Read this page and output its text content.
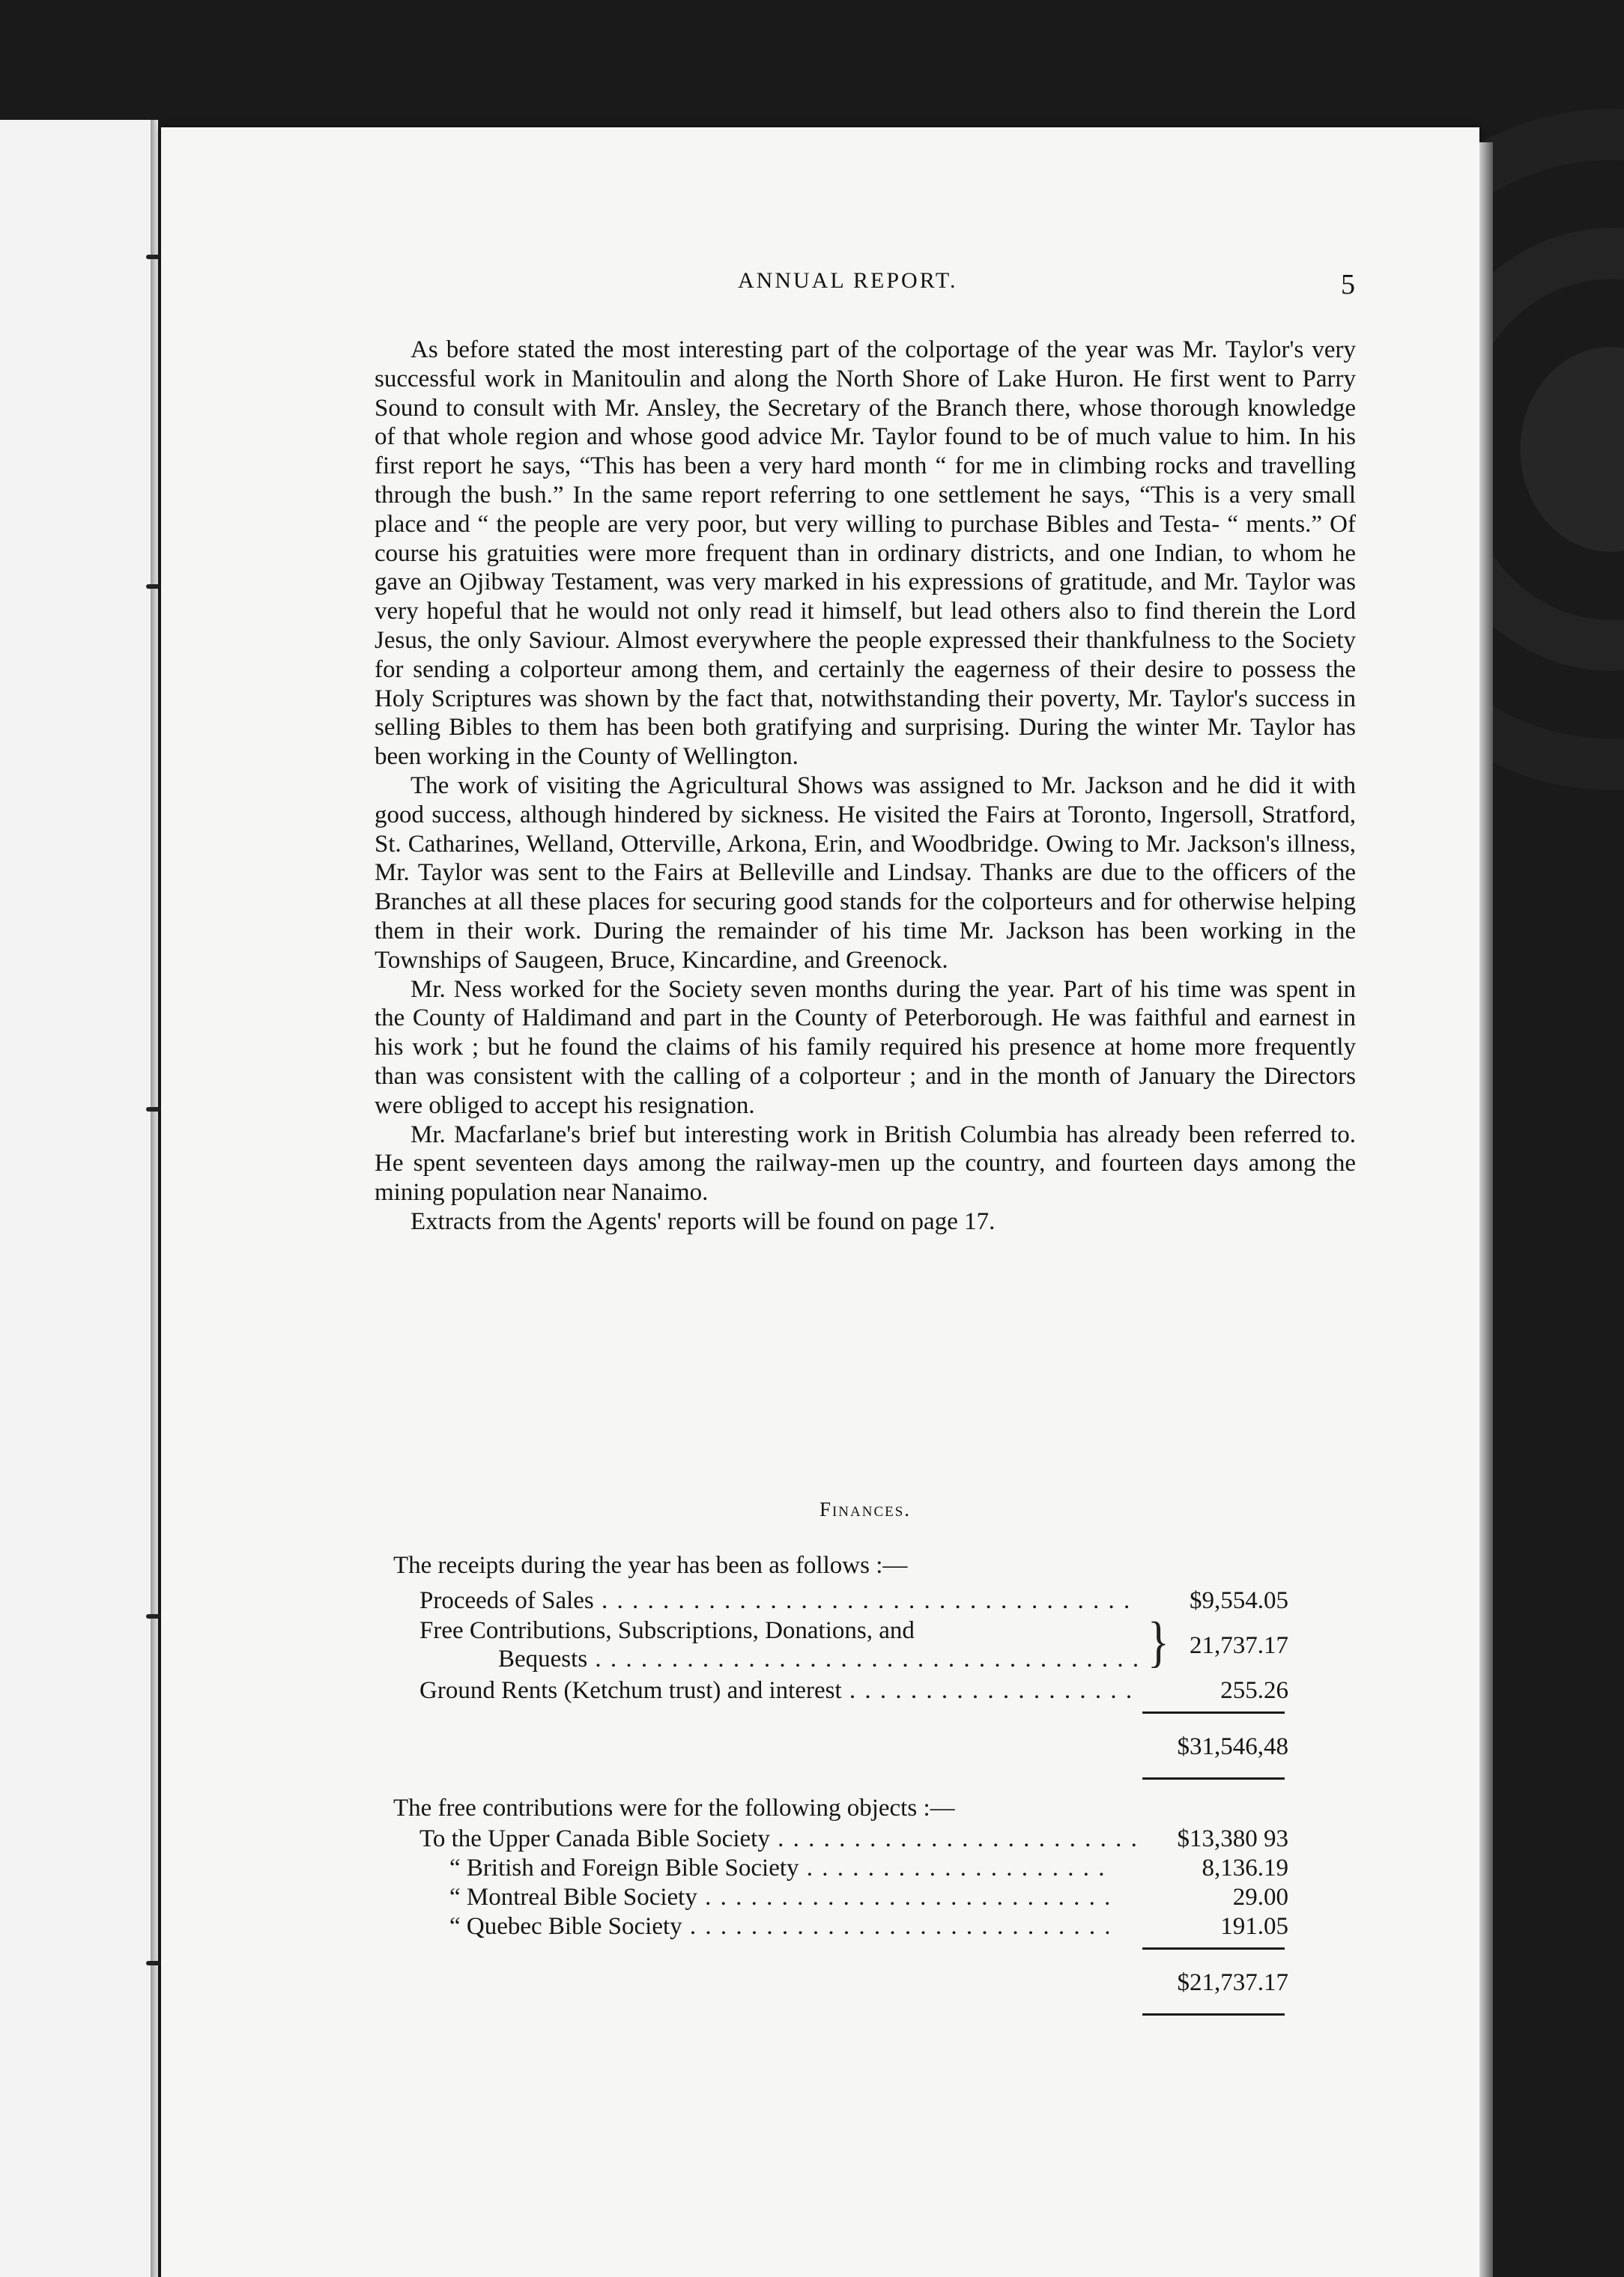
ANNUAL REPORT.	5

As before stated the most interesting part of the colportage of the year was Mr. Taylor's very successful work in Manitoulin and along the North Shore of Lake Huron. He first went to Parry Sound to consult with Mr. Ansley, the Secretary of the Branch there, whose thorough knowledge of that whole region and whose good advice Mr. Taylor found to be of much value to him. In his first report he says, “This has been a very hard month “ for me in climbing rocks and travelling through the bush.” In the same report referring to one settlement he says, “This is a very small place and “ the people are very poor, but very willing to purchase Bibles and Testa- “ ments.” Of course his gratuities were more frequent than in ordinary districts, and one Indian, to whom he gave an Ojibway Testament, was very marked in his expressions of gratitude, and Mr. Taylor was very hopeful that he would not only read it himself, but lead others also to find therein the Lord Jesus, the only Saviour. Almost everywhere the people expressed their thankfulness to the Society for sending a colporteur among them, and certainly the eagerness of their desire to possess the Holy Scriptures was shown by the fact that, notwithstanding their poverty, Mr. Taylor's success in selling Bibles to them has been both gratifying and surprising. During the winter Mr. Taylor has been working in the County of Wellington.

The work of visiting the Agricultural Shows was assigned to Mr. Jackson and he did it with good success, although hindered by sickness. He visited the Fairs at Toronto, Ingersoll, Stratford, St. Catharines, Welland, Otterville, Arkona, Erin, and Woodbridge. Owing to Mr. Jackson's illness, Mr. Taylor was sent to the Fairs at Belleville and Lindsay. Thanks are due to the officers of the Branches at all these places for securing good stands for the colporteurs and for otherwise helping them in their work. During the remainder of his time Mr. Jackson has been working in the Townships of Saugeen, Bruce, Kincardine, and Greenock.

Mr. Ness worked for the Society seven months during the year. Part of his time was spent in the County of Haldimand and part in the County of Peterborough. He was faithful and earnest in his work ; but he found the claims of his family required his presence at home more frequently than was consistent with the calling of a colporteur ; and in the month of January the Directors were obliged to accept his resignation.

Mr. Macfarlane's brief but interesting work in British Columbia has already been referred to. He spent seventeen days among the railway-men up the country, and fourteen days among the mining population near Nanaimo.

Extracts from the Agents' reports will be found on page 17.

Finances.
The receipts during the year has been as follows :—
Proceeds of Sales . . .	$9,554.05
Free Contributions, Subscriptions, Donations, and	}
Bequests . . .	21,737.17
Ground Rents (Ketchum trust) and interest . . .	255.26
$31,546,48
The free contributions were for the following objects :—
To the Upper Canada Bible Society . . .	$13,380 93
“ British and Foreign Bible Society . . .	8,136.19
“ Montreal Bible Society . . .	29.00
“ Quebec Bible Society . . .	191.05
$21,737.17
